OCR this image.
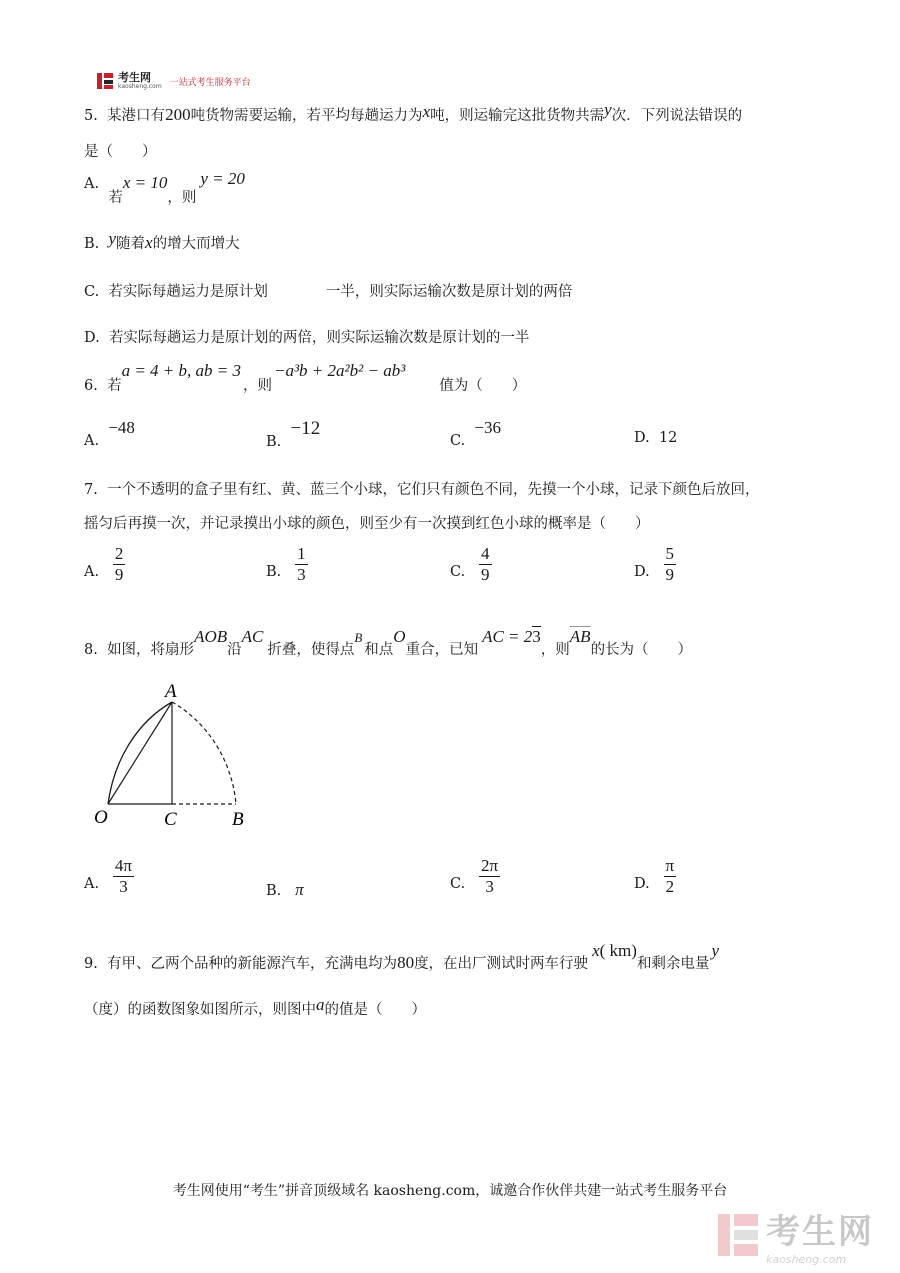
考生网
kaosheng.com 一站式考生服务平台
5. 某港口有200吨货物需要运输，若平均每趟运力为x吨，则运输完这批货物共需y次．下列说法错误的
是（　　）
A.  若x = 10，则y = 20
B. y随着x的增大而增大
C. 若实际每趟运力是原计划	一半，则实际运输次数是原计划的两倍
D. 若实际每趟运力是原计划的两倍，则实际运输次数是原计划的一半
6. 若a = 4 + b, ab = 3，则−a³b + 2a²b² − ab³值为（　　）
A.  −48
B.  −12
C.  −36
D. 12
7. 一个不透明的盒子里有红、黄、蓝三个小球，它们只有颜色不同，先摸一个小球，记录下颜色后放回，
摇匀后再摸一次，并记录摸出小球的颜色，则至少有一次摸到红色小球的概率是（　　）
A.
$\frac{2}{9}$	B.
$\frac{1}{3}$	C.
$\frac{4}{9}$	D.
$\frac{5}{9}$
8. 如图，将扇形AOB沿AC折叠，使得点B和点O重合，已知AC = 23，则AB的长为（　　）
A
O	C	B
A.
$\frac{4\pi}{3}$	B. π	C.
$\frac{2\pi}{3}$	D.
$\frac{\pi}{2}$
9. 有甲、乙两个品种的新能源汽车，充满电均为80度，在出厂测试时两车行驶x( km)和剩余电量y
（度）的函数图象如图所示，则图中a的值是（　　）
考生网使用“考生”拼音顶级域名 kaosheng.com，诚邀合作伙伴共建一站式考生服务平台
考生网
kaosheng.com
